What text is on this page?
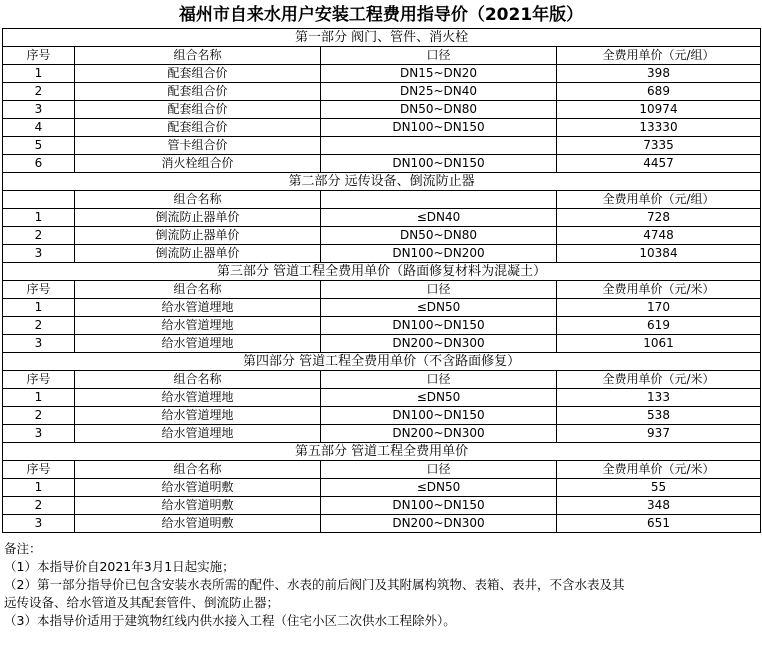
福州市自来水用户安装工程费用指导价（2021年版）
第一部分 阀门、管件、消火栓			
序号	组合名称	口径	全费用单价（元/组）
1	配套组合价	DN15~DN20	398
2	配套组合价	DN25~DN40	689
3	配套组合价	DN50~DN80	10974
4	配套组合价	DN100~DN150	13330
5	管卡组合价		7335
6	消火栓组合价	DN100~DN150	4457
第二部分 远传设备、倒流防止器			
	组合名称		全费用单价（元/组）
1	倒流防止器单价	≤DN40	728
2	倒流防止器单价	DN50~DN80	4748
3	倒流防止器单价	DN100~DN200	10384
第三部分 管道工程全费用单价（路面修复材料为混凝土）			
序号	组合名称	口径	全费用单价（元/米）
1	给水管道埋地	≤DN50	170
2	给水管道埋地	DN100~DN150	619
3	给水管道埋地	DN200~DN300	1061
第四部分 管道工程全费用单价（不含路面修复）			
序号	组合名称	口径	全费用单价（元/米）
1	给水管道埋地	≤DN50	133
2	给水管道埋地	DN100~DN150	538
3	给水管道埋地	DN200~DN300	937
第五部分 管道工程全费用单价			
序号	组合名称	口径	全费用单价（元/米）
1	给水管道明敷	≤DN50	55
2	给水管道明敷	DN100~DN150	348
3	给水管道明敷	DN200~DN300	651
备注：
（1）本指导价自2021年3月1日起实施；
（2）第一部分指导价已包含安装水表所需的配件、水表的前后阀门及其附属构筑物、表箱、表井，不含水表及其
远传设备、给水管道及其配套管件、倒流防止器；
（3）本指导价适用于建筑物红线内供水接入工程（住宅小区二次供水工程除外）。
